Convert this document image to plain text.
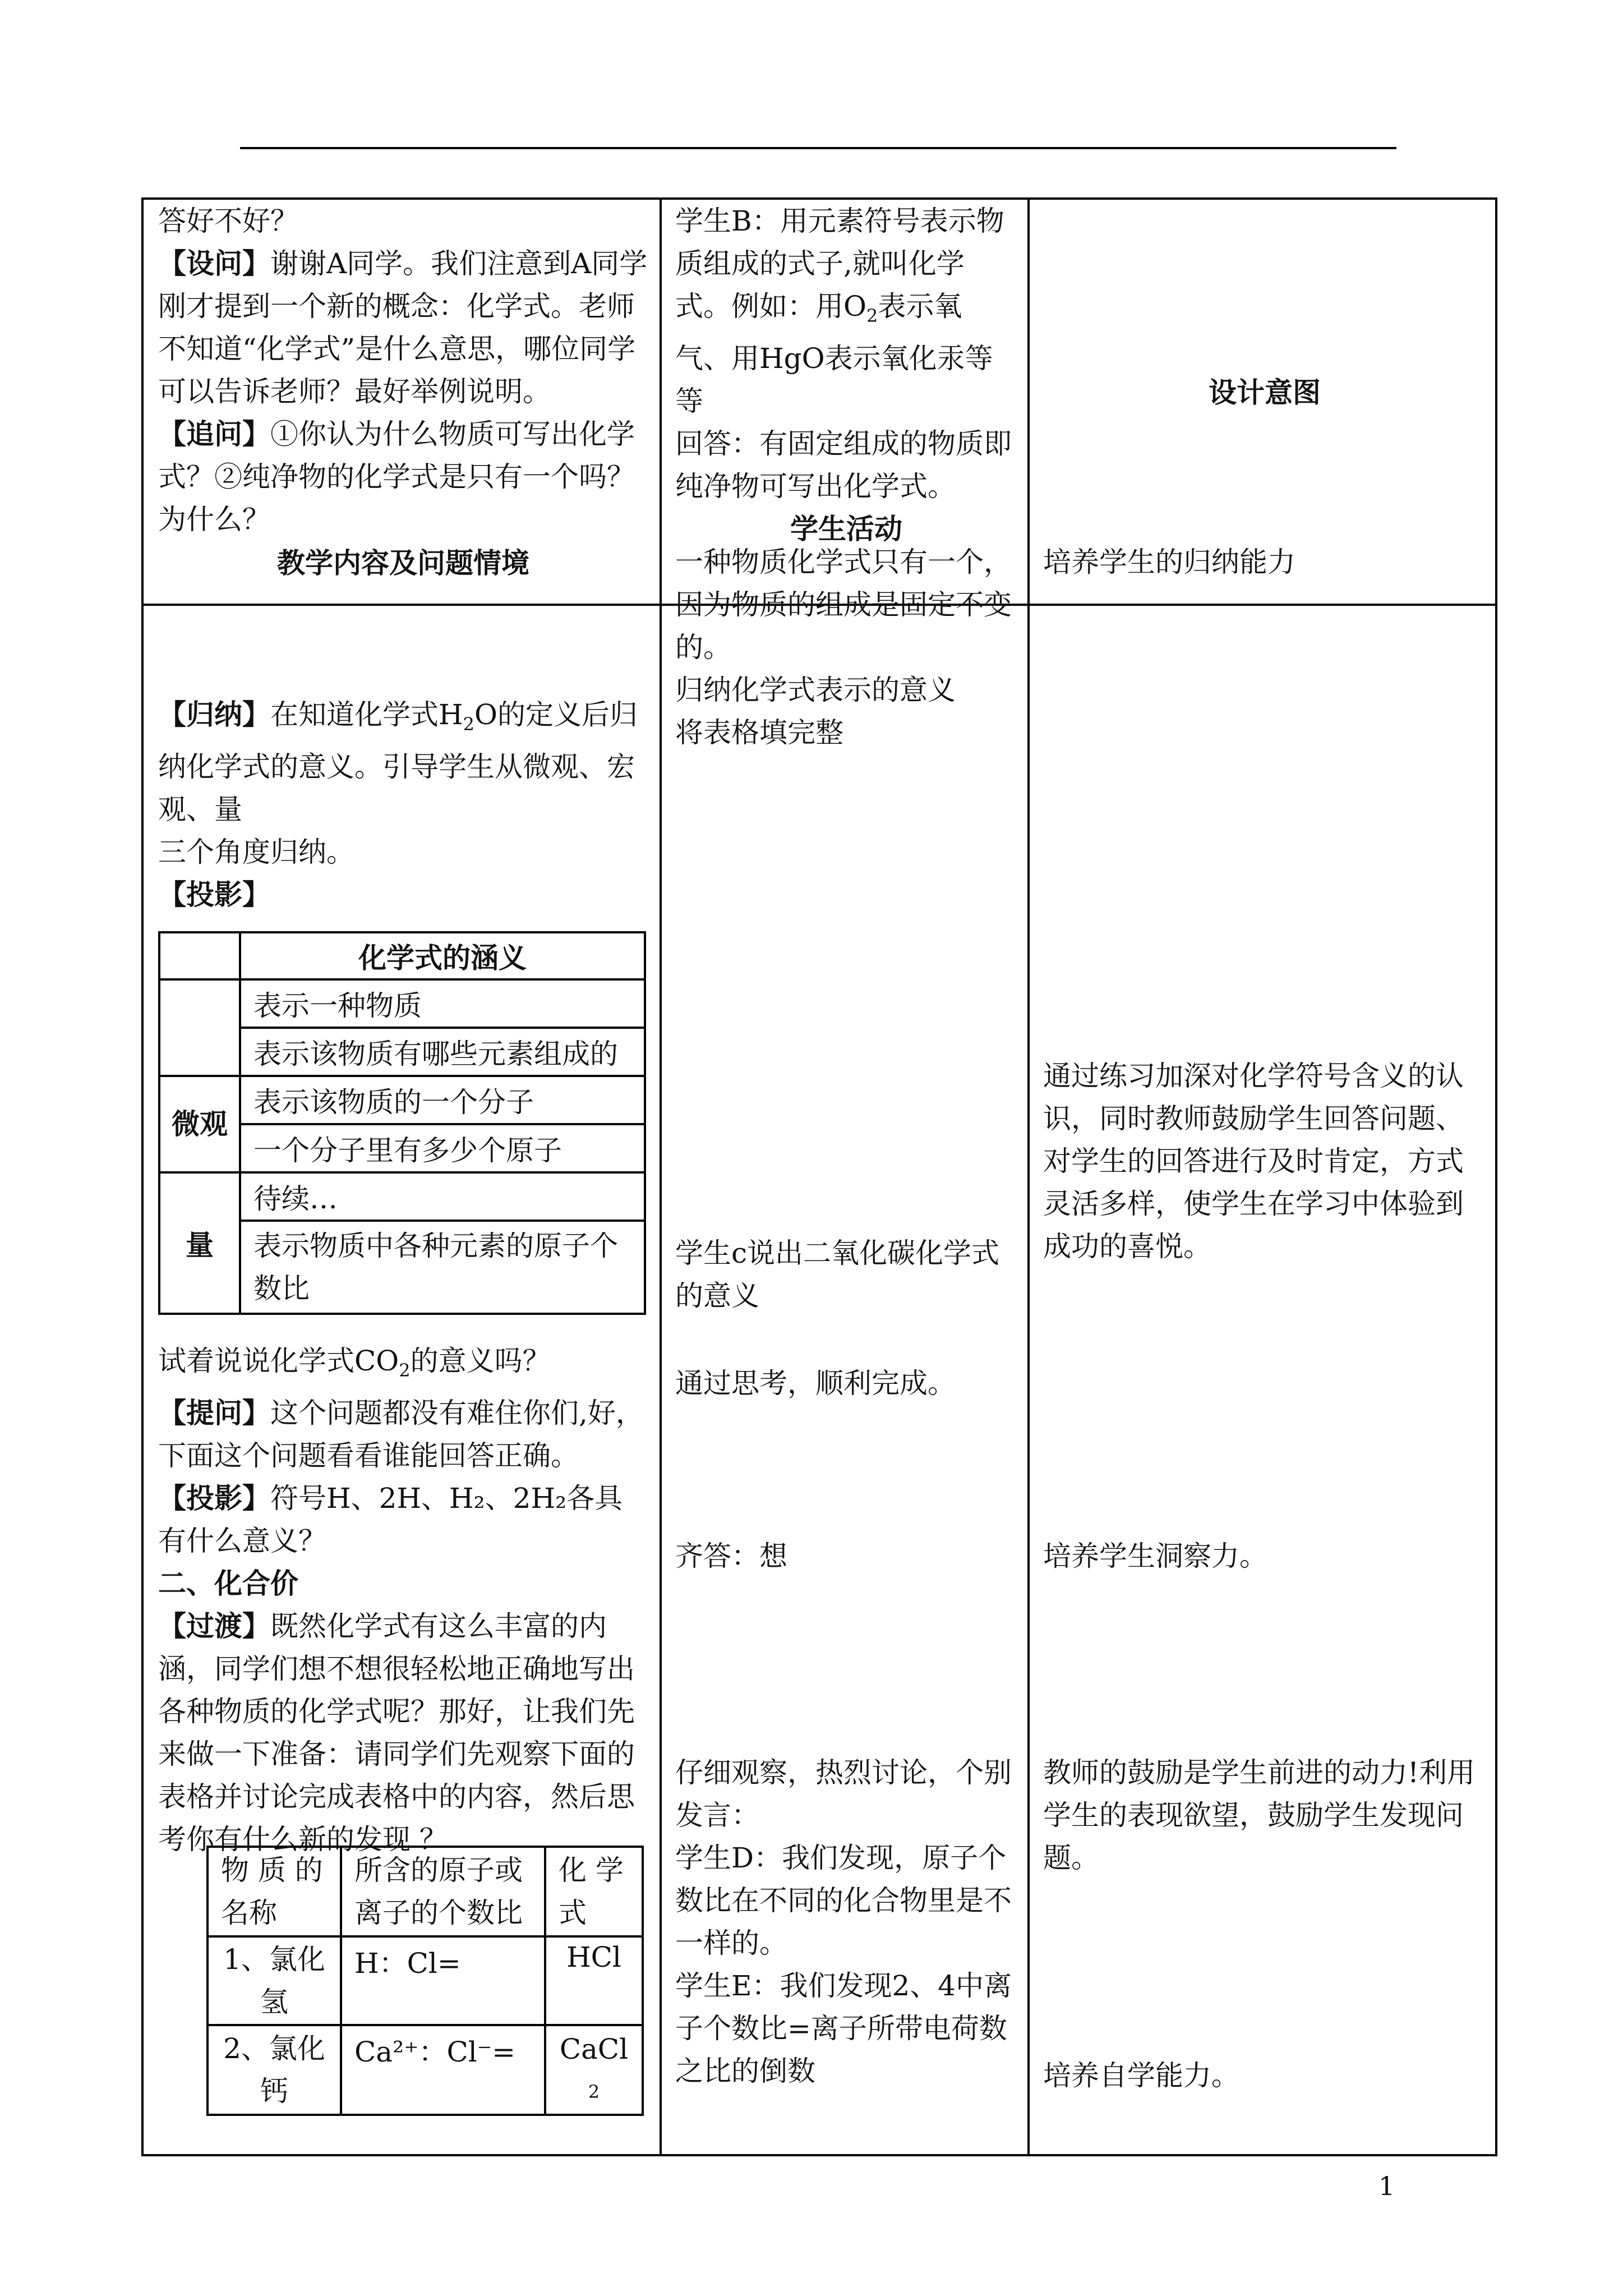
答好不好？

【设问】谢谢A同学。我们注意到A同学刚才提到一个新的概念：化学式。老师不知道“化学式”是什么意思，哪位同学可以告诉老师？最好举例说明。

【追问】①你认为什么物质可写出化学式？②纯净物的化学式是只有一个吗？为什么？

教学内容及问题情境

【归纳】在知道化学式$H_2O$的定义后归纳化学式的意义。引导学生从微观、宏观、量

三个角度归纳。

【投影】

	化学式的涵义
	表示一种物质
	表示该物质有哪些元素组成的
微观	表示该物质的一个分子
	一个分子里有多少个原子
量	待续…
	表示物质中各种元素的原子个数比

试着说说化学式$CO_2$的意义吗？

【提问】这个问题都没有难住你们,好，下面这个问题看看谁能回答正确。

【投影】符号H、2H、H₂、2H₂各具有什么意义？

二、化合价

【过渡】既然化学式有这么丰富的内涵，同学们想不想很轻松地正确地写出各种物质的化学式呢？那好，让我们先来做一下准备：请同学们先观察下面的表格并讨论完成表格中的内容，然后思考你有什么新的发现 ？

物 质 的名称	所含的原子或离子的个数比	化 学式
1、氯化氢	H：Cl=	HCl
2、氯化钙	Ca²⁺：Cl⁻=	CaCl
2

学生B：用元素符号表示物质组成的式子,就叫化学式。例如：用$O_2$表示氧气、用HgO表示氧化汞等等

回答：有固定组成的物质即纯净物可写出化学式。

学生活动

一种物质化学式只有一个，因为物质的组成是固定不变的。

归纳化学式表示的意义

将表格填完整

学生c说出二氧化碳化学式的意义
通过思考，顺利完成。
齐答：想

仔细观察，热烈讨论，个别发言：

学生D：我们发现，原子个数比在不同的化合物里是不一样的。

学生E：我们发现2、4中离子个数比=离子所带电荷数之比的倒数

设计意图
培养学生的归纳能力
通过练习加深对化学符号含义的认识，同时教师鼓励学生回答问题、对学生的回答进行及时肯定，方式灵活多样，使学生在学习中体验到成功的喜悦。
培养学生洞察力。
教师的鼓励是学生前进的动力!利用学生的表现欲望，鼓励学生发现问题。
培养自学能力。
1
